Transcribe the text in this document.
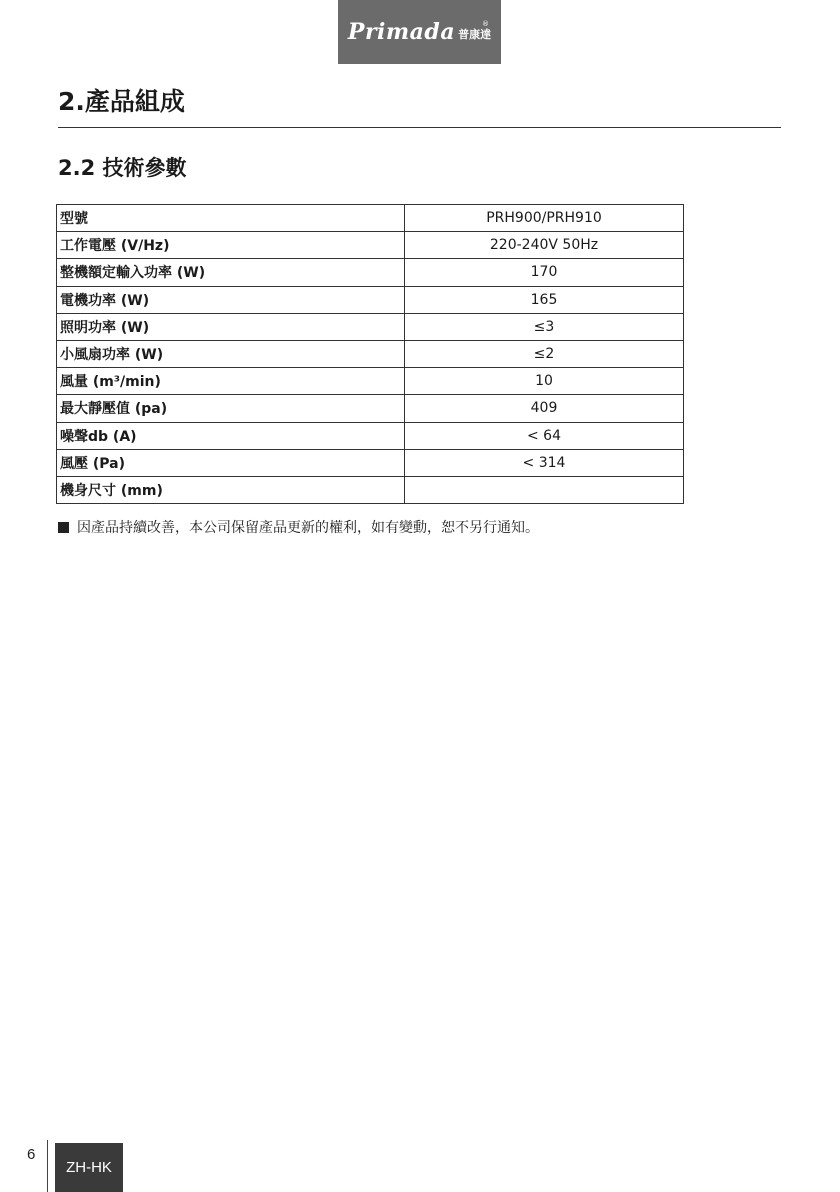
Primada 普康達
®
2.產品組成
2.2 技術參數
型號	PRH900/PRH910
工作電壓 (V/Hz)	220-240V 50Hz
整機額定輸入功率 (W)	170
電機功率 (W)	165
照明功率 (W)	≤3
小風扇功率 (W)	≤2
風量 (m³/min)	10
最大靜壓值 (pa)	409
噪聲db (A)	< 64
風壓 (Pa)	< 314
機身尺寸 (mm)	
因產品持續改善，本公司保留產品更新的權利，如有變動，恕不另行通知。
6
ZH-HK
